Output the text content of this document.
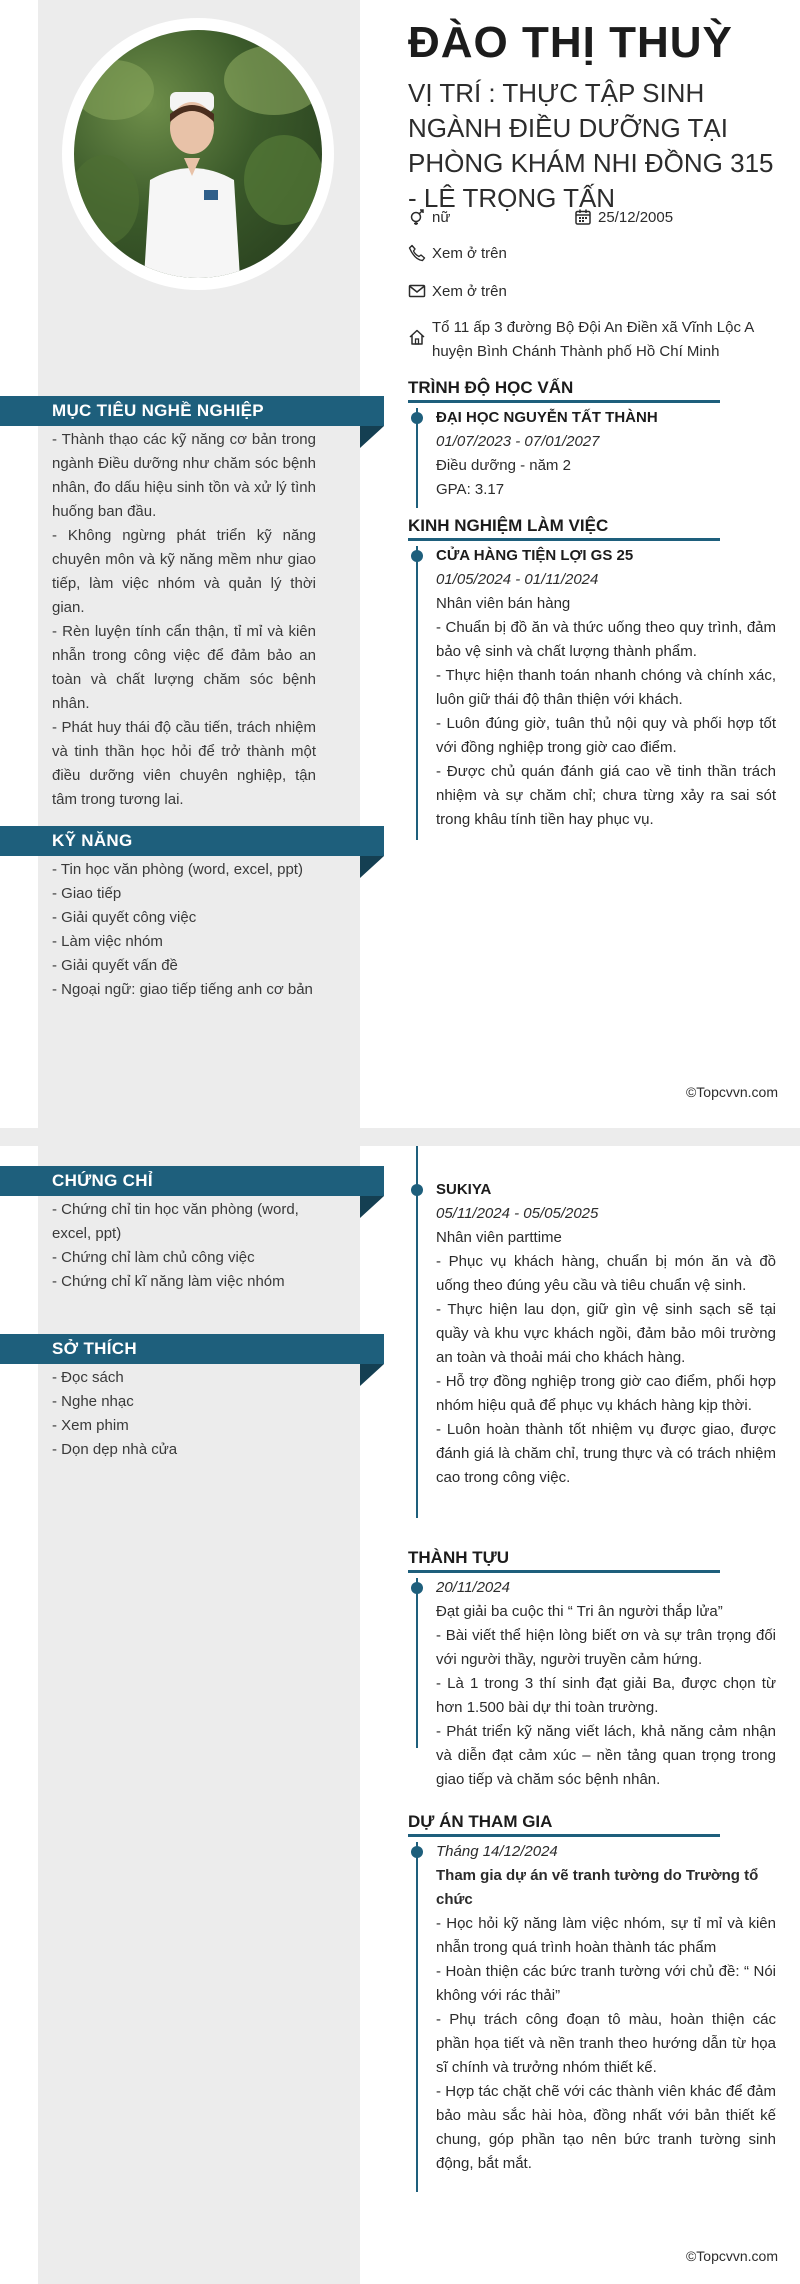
ĐÀO THỊ THUỲ
VỊ TRÍ : THỰC TẬP SINH NGÀNH ĐIỀU DƯỠNG TẠI PHÒNG KHÁM NHI ĐỒNG 315 - LÊ TRỌNG TẤN
nữ	25/12/2005
Xem ở trên
Xem ở trên
Tổ 11 ấp 3 đường Bộ Đội An Điền xã Vĩnh Lộc A huyện Bình Chánh Thành phố Hồ Chí Minh
MỤC TIÊU NGHỀ NGHIỆP

- Thành thạo các kỹ năng cơ bản trong ngành Điều dưỡng như chăm sóc bệnh nhân, đo dấu hiệu sinh tồn và xử lý tình huống ban đầu.

- Không ngừng phát triển kỹ năng chuyên môn và kỹ năng mềm như giao tiếp, làm việc nhóm và quản lý thời gian.

- Rèn luyện tính cẩn thận, tỉ mỉ và kiên nhẫn trong công việc để đảm bảo an toàn và chất lượng chăm sóc bệnh nhân.

- Phát huy thái độ cầu tiến, trách nhiệm và tinh thần học hỏi để trở thành một điều dưỡng viên chuyên nghiệp, tận tâm trong tương lai.

KỸ NĂNG

- Tin học văn phòng (word, excel, ppt)

- Giao tiếp

- Giải quyết công việc

- Làm việc nhóm

- Giải quyết vấn đề

- Ngoại ngữ: giao tiếp tiếng anh cơ bản

TRÌNH ĐỘ HỌC VẤN
ĐẠI HỌC NGUYỄN TẤT THÀNH
01/07/2023 - 07/01/2027
Điều dưỡng - năm 2
GPA: 3.17
KINH NGHIỆM LÀM VIỆC
CỬA HÀNG TIỆN LỢI GS 25
01/05/2024 - 01/11/2024
Nhân viên bán hàng

- Chuẩn bị đồ ăn và thức uống theo quy trình, đảm bảo vệ sinh và chất lượng thành phẩm.

- Thực hiện thanh toán nhanh chóng và chính xác, luôn giữ thái độ thân thiện với khách.

- Luôn đúng giờ, tuân thủ nội quy và phối hợp tốt với đồng nghiệp trong giờ cao điểm.

- Được chủ quán đánh giá cao về tinh thần trách nhiệm và sự chăm chỉ; chưa từng xảy ra sai sót trong khâu tính tiền hay phục vụ.

©Topcvvn.com
CHỨNG CHỈ

- Chứng chỉ tin học văn phòng (word, excel, ppt)

- Chứng chỉ làm chủ công việc

- Chứng chỉ kĩ năng làm việc nhóm

SỞ THÍCH

- Đọc sách

- Nghe nhạc

- Xem phim

- Dọn dẹp nhà cửa

SUKIYA
05/11/2024 - 05/05/2025
Nhân viên parttime

- Phục vụ khách hàng, chuẩn bị món ăn và đồ uống theo đúng yêu cầu và tiêu chuẩn vệ sinh.

- Thực hiện lau dọn, giữ gìn vệ sinh sạch sẽ tại quầy và khu vực khách ngồi, đảm bảo môi trường an toàn và thoải mái cho khách hàng.

- Hỗ trợ đồng nghiệp trong giờ cao điểm, phối hợp nhóm hiệu quả để phục vụ khách hàng kịp thời.

- Luôn hoàn thành tốt nhiệm vụ được giao, được đánh giá là chăm chỉ, trung thực và có trách nhiệm cao trong công việc.

THÀNH TỰU
20/11/2024
Đạt giải ba cuộc thi “ Tri ân người thắp lửa”

- Bài viết thể hiện lòng biết ơn và sự trân trọng đối với người thầy, người truyền cảm hứng.

- Là 1 trong 3 thí sinh đạt giải Ba, được chọn từ hơn 1.500 bài dự thi toàn trường.

- Phát triển kỹ năng viết lách, khả năng cảm nhận và diễn đạt cảm xúc – nền tảng quan trọng trong giao tiếp và chăm sóc bệnh nhân.

DỰ ÁN THAM GIA
Tháng 14/12/2024
Tham gia dự án vẽ tranh tường do Trường tổ chức

- Học hỏi kỹ năng làm việc nhóm, sự tỉ mỉ và kiên nhẫn trong quá trình hoàn thành tác phẩm

- Hoàn thiện các bức tranh tường với chủ đề: “ Nói không với rác thải”

- Phụ trách công đoạn tô màu, hoàn thiện các phần họa tiết và nền tranh theo hướng dẫn từ họa sĩ chính và trưởng nhóm thiết kế.

- Hợp tác chặt chẽ với các thành viên khác để đảm bảo màu sắc hài hòa, đồng nhất với bản thiết kế chung, góp phần tạo nên bức tranh tường sinh động, bắt mắt.

©Topcvvn.com
